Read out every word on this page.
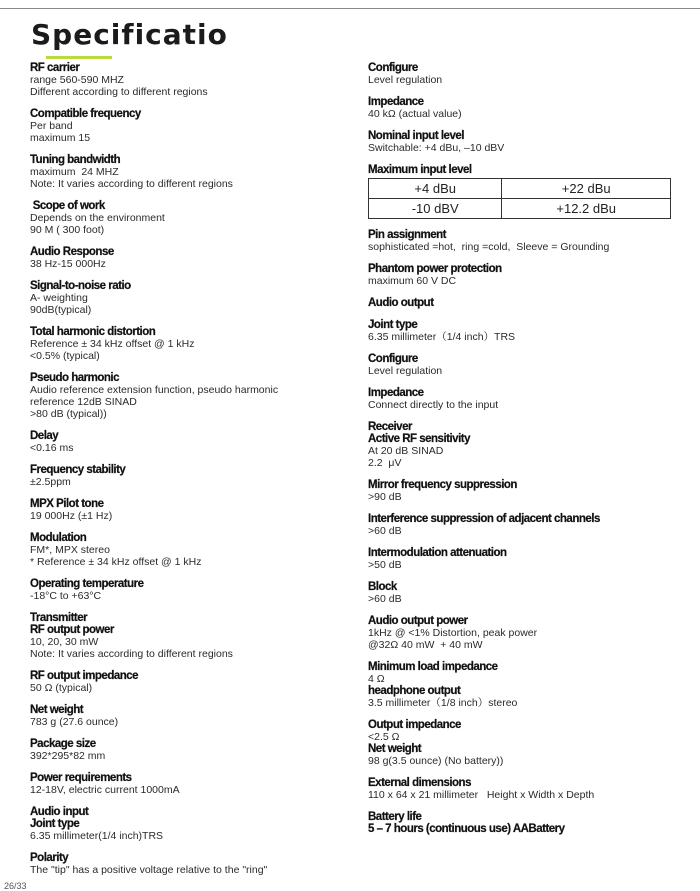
Specificatio
RF carrier
range 560-590 MHZ
Different according to different regions
Compatible frequency
Per band
maximum 15
Tuning bandwidth
maximum  24 MHZ
Note: It varies according to different regions
Scope of work
Depends on the environment
90 M ( 300 foot)
Audio Response
38 Hz-15 000Hz
Signal-to-noise ratio
A- weighting
90dB(typical)
Total harmonic distortion
Reference ± 34 kHz offset @ 1 kHz
<0.5% (typical)
Pseudo harmonic
Audio reference extension function, pseudo harmonic
reference 12dB SINAD
>80 dB (typical))
Delay
<0.16 ms
Frequency stability
±2.5ppm
MPX Pilot tone
19 000Hz (±1 Hz)
Modulation
FM*, MPX stereo
* Reference ± 34 kHz offset @ 1 kHz
Operating temperature
-18°C to +63°C
Transmitter
RF output power
10, 20, 30 mW
Note: It varies according to different regions
RF output impedance
50 Ω (typical)
Net weight
783 g (27.6 ounce)
Package size
392*295*82 mm
Power requirements
12-18V, electric current 1000mA
Audio input
Joint type
6.35 millimeter(1/4 inch)TRS
Polarity
The "tip" has a positive voltage relative to the "ring"
Configure
Level regulation
Impedance
40 kΩ (actual value)
Nominal input level
Switchable: +4 dBu, –10 dBV
Maximum input level
+4 dBu	+22 dBu
-10 dBV	+12.2 dBu
Pin assignment
sophisticated =hot,  ring =cold,  Sleeve = Grounding
Phantom power protection
maximum 60 V DC
Audio output
Joint type
6.35 millimeter（1/4 inch）TRS
Configure
Level regulation
Impedance
Connect directly to the input
Receiver
Active RF sensitivity
At 20 dB SINAD
2.2  μV
Mirror frequency suppression
>90 dB
Interference suppression of adjacent channels
>60 dB
Intermodulation attenuation
>50 dB
Block
>60 dB
Audio output power
1kHz @ <1% Distortion, peak power
@32Ω 40 mW  + 40 mW
Minimum load impedance
4 Ω
headphone output
3.5 millimeter（1/8 inch）stereo
Output impedance
<2.5 Ω
Net weight
98 g(3.5 ounce) (No battery))
External dimensions
110 x 64 x 21 millimeter   Height x Width x Depth
Battery life
5 – 7 hours (continuous use) AABattery
26/33
